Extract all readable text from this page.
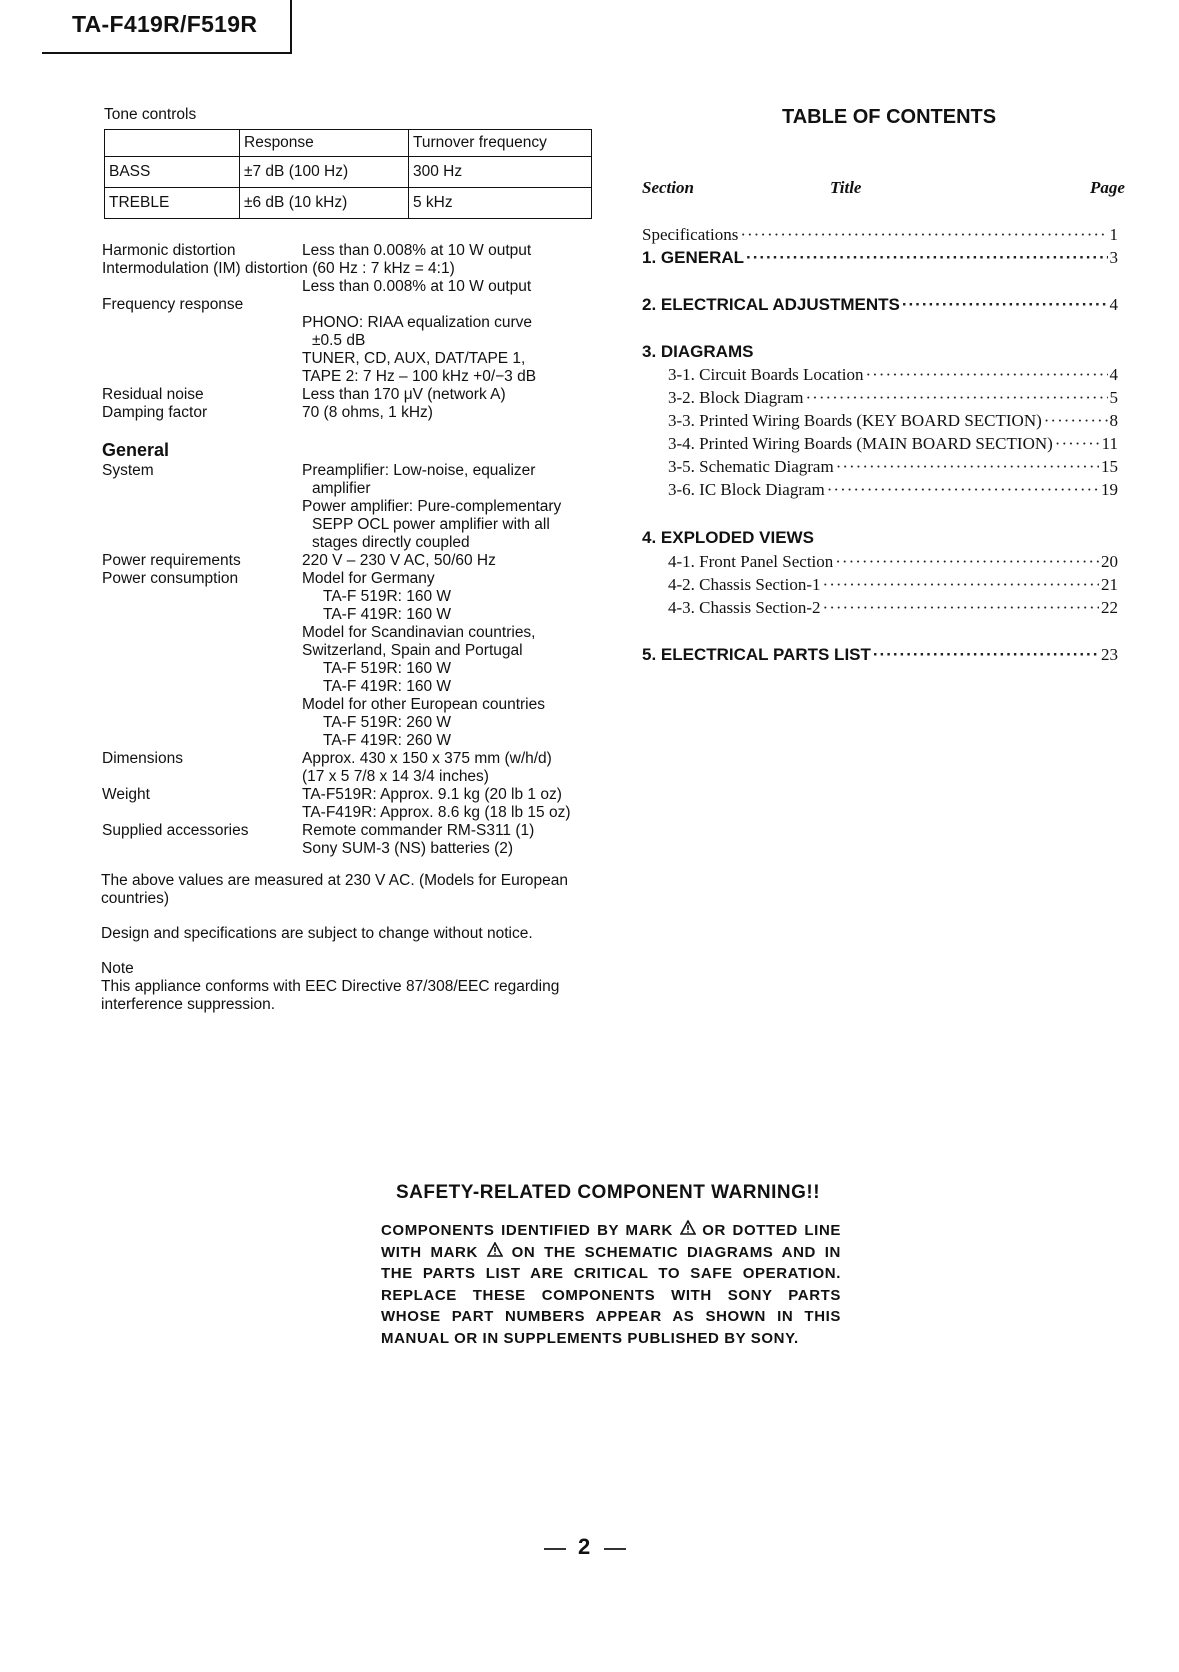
TA-F419R/F519R
Tone controls
	Response	Turnover frequency
BASS	±7 dB (100 Hz)	300 Hz
TREBLE	±6 dB (10 kHz)	5 kHz
Harmonic distortion	Less than 0.008% at 10 W output
Intermodulation (IM) distortion (60 Hz : 7 kHz = 4:1)
Less than 0.008% at 10 W output
Frequency response
PHONO: RIAA equalization curve
±0.5 dB
TUNER, CD, AUX, DAT/TAPE 1,
TAPE 2: 7 Hz – 100 kHz +0/−3 dB
Residual noise	Less than 170 μV (network A)
Damping factor	70 (8 ohms, 1 kHz)
General
System	Preamplifier: Low-noise, equalizer
amplifier
Power amplifier: Pure-complementary
SEPP OCL power amplifier with all
stages directly coupled
Power requirements	220 V – 230 V AC, 50/60 Hz
Power consumption	Model for Germany
TA-F 519R: 160 W
TA-F 419R: 160 W
Model for Scandinavian countries,
Switzerland, Spain and Portugal
TA-F 519R: 160 W
TA-F 419R: 160 W
Model for other European countries
TA-F 519R: 260 W
TA-F 419R: 260 W
Dimensions	Approx. 430 x 150 x 375 mm (w/h/d)
(17 x 5 7/8 x 14 3/4 inches)
Weight	TA-F519R: Approx. 9.1 kg (20 lb 1 oz)
TA-F419R: Approx. 8.6 kg (18 lb 15 oz)
Supplied accessories	Remote commander RM-S311 (1)
Sony SUM-3 (NS) batteries (2)
The above values are measured at 230 V AC. (Models for European countries)
Design and specifications are subject to change without notice.
Note
This appliance conforms with EEC Directive 87/308/EEC regarding interference suppression.
TABLE OF CONTENTS
Section	Title	Page
Specifications ·····	1
1. GENERAL ·····	3
2. ELECTRICAL ADJUSTMENTS ·····	4
3. DIAGRAMS
3-1. Circuit Boards Location ·····	4
3-2. Block Diagram ·····	5
3-3. Printed Wiring Boards (KEY BOARD SECTION) ·····	8
3-4. Printed Wiring Boards (MAIN BOARD SECTION) ·····	11
3-5. Schematic Diagram ·····	15
3-6. IC Block Diagram ·····	19
4. EXPLODED VIEWS
4-1. Front Panel Section ·····	20
4-2. Chassis Section-1 ·····	21
4-3. Chassis Section-2 ·····	22
5. ELECTRICAL PARTS LIST ·····	23
SAFETY-RELATED COMPONENT WARNING!!
COMPONENTS IDENTIFIED BY MARK OR DOTTED LINE WITH MARK ON THE SCHEMATIC DIAGRAMS AND IN THE PARTS LIST ARE CRITICAL TO SAFE OPERATION. REPLACE THESE COMPONENTS WITH SONY PARTS WHOSE PART NUMBERS APPEAR AS SHOWN IN THIS MANUAL OR IN SUPPLEMENTS PUBLISHED BY SONY.
2
